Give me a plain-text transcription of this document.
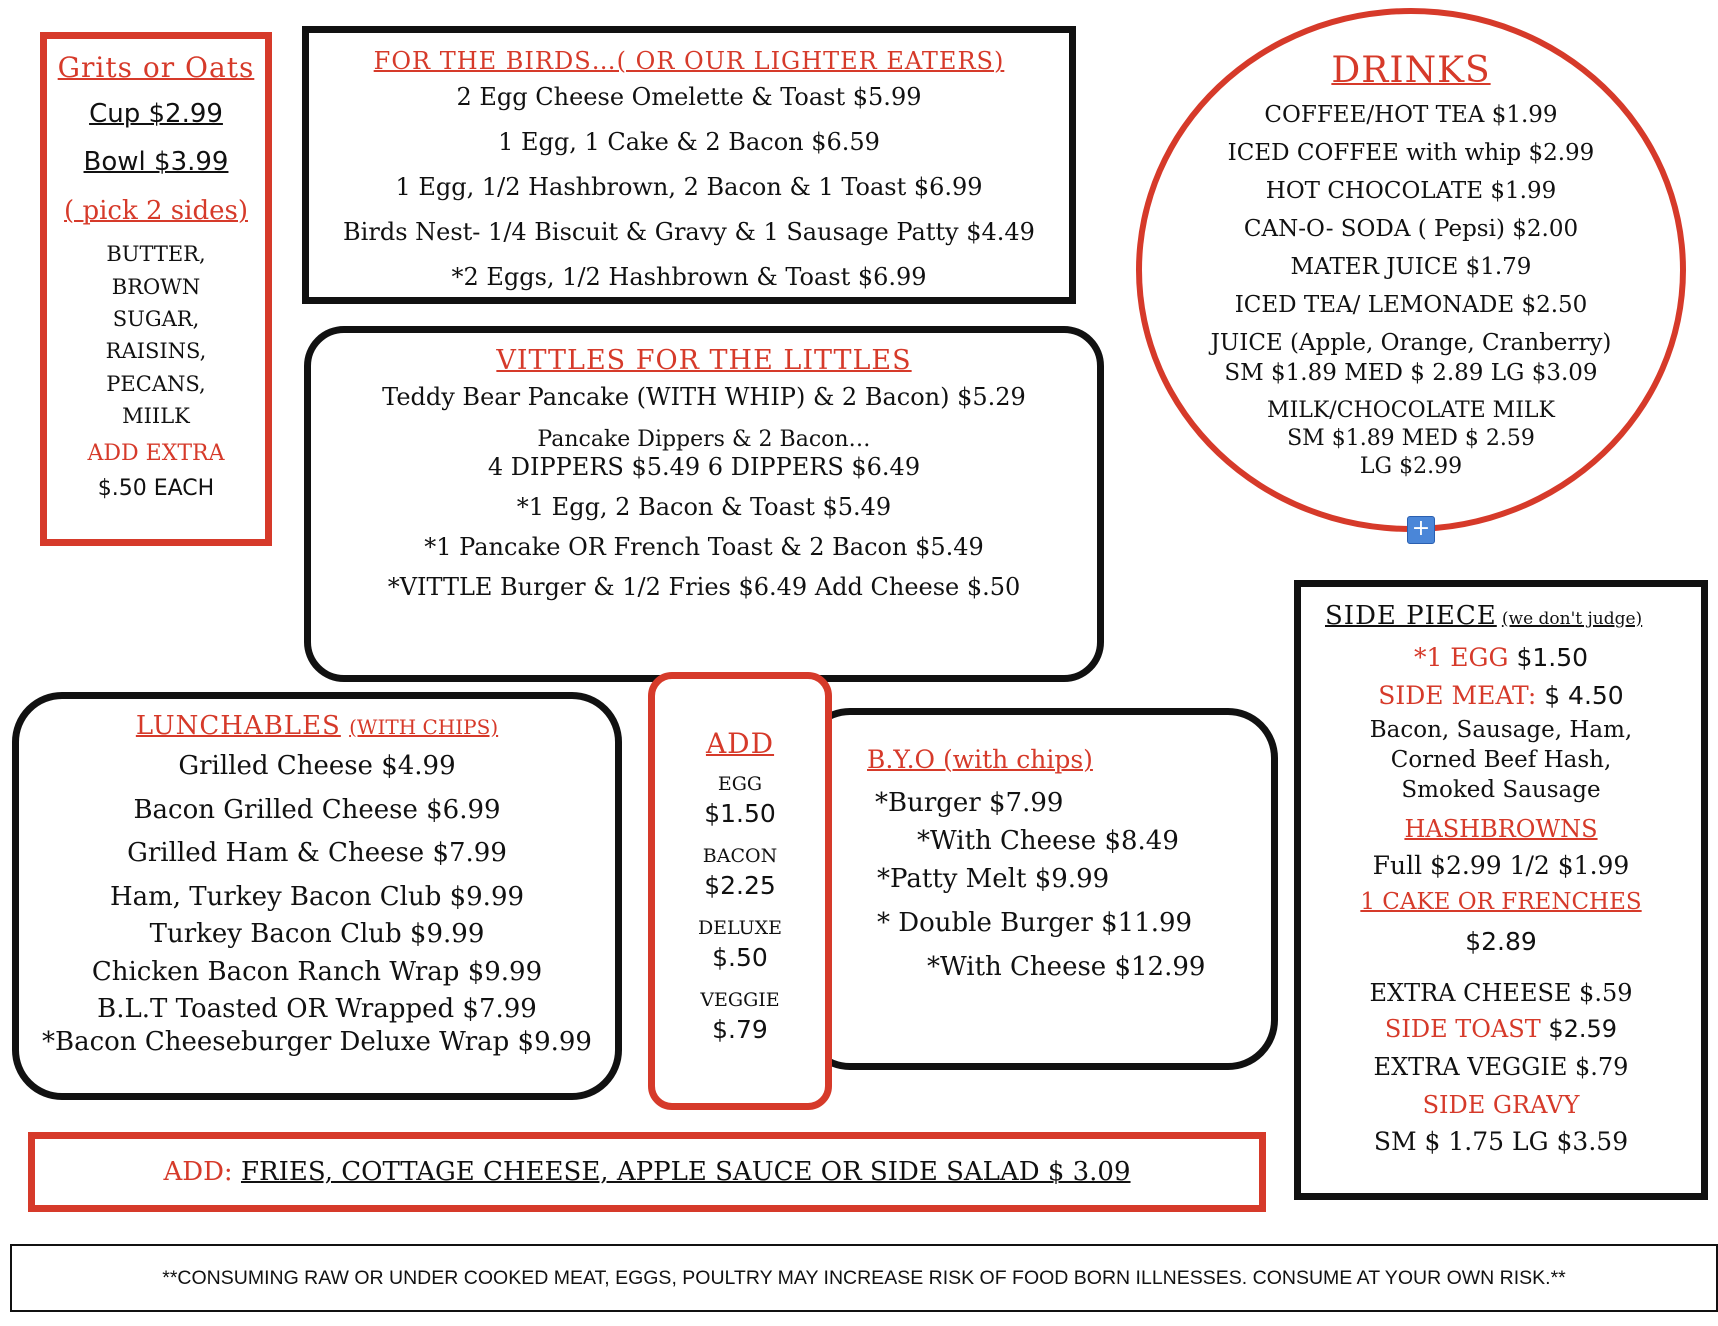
Grits or Oats
Cup $2.99
Bowl $3.99
( pick 2 sides)
BUTTER,
BROWN
SUGAR,
RAISINS,
PECANS,
MIILK
ADD EXTRA
$.50 EACH
FOR THE BIRDS…( OR OUR LIGHTER EATERS)
2 Egg Cheese Omelette & Toast $5.99
1 Egg, 1 Cake & 2 Bacon $6.59
1 Egg, 1/2 Hashbrown, 2 Bacon & 1 Toast $6.99
Birds Nest- 1/4 Biscuit & Gravy & 1 Sausage Patty $4.49
*2 Eggs, 1/2 Hashbrown & Toast $6.99
DRINKS
COFFEE/HOT TEA $1.99
ICED COFFEE with whip $2.99
HOT CHOCOLATE $1.99
CAN-O- SODA ( Pepsi) $2.00
MATER JUICE $1.79
ICED TEA/ LEMONADE $2.50
JUICE (Apple, Orange, Cranberry)
SM $1.89 MED $ 2.89 LG $3.09
MILK/CHOCOLATE MILK
SM $1.89 MED $ 2.59
LG $2.99
+
VITTLES FOR THE LITTLES
Teddy Bear Pancake (WITH WHIP) & 2 Bacon) $5.29
Pancake Dippers & 2 Bacon…
4 DIPPERS $5.49 6 DIPPERS $6.49
*1 Egg, 2 Bacon & Toast $5.49
*1 Pancake OR French Toast & 2 Bacon $5.49
*VITTLE Burger & 1/2 Fries $6.49 Add Cheese $.50
LUNCHABLES (WITH CHIPS)
Grilled Cheese $4.99
Bacon Grilled Cheese $6.99
Grilled Ham & Cheese $7.99
Ham, Turkey Bacon Club $9.99
Turkey Bacon Club $9.99
Chicken Bacon Ranch Wrap $9.99
B.L.T Toasted OR Wrapped $7.99
*Bacon Cheeseburger Deluxe Wrap $9.99
B.Y.O (with chips)
*Burger $7.99
*With Cheese $8.49
*Patty Melt $9.99
* Double Burger $11.99
*With Cheese $12.99
ADD
EGG
$1.50
BACON
$2.25
DELUXE
$.50
VEGGIE
$.79
SIDE PIECE (we don't judge)
*1 EGG $1.50
SIDE MEAT: $ 4.50
Bacon, Sausage, Ham,
Corned Beef Hash,
Smoked Sausage
HASHBROWNS
Full $2.99 1/2 $1.99
1 CAKE OR FRENCHES
$2.89
EXTRA CHEESE $.59
SIDE TOAST $2.59
EXTRA VEGGIE $.79
SIDE GRAVY
SM $ 1.75 LG $3.59
ADD: FRIES, COTTAGE CHEESE, APPLE SAUCE OR SIDE SALAD $ 3.09
**CONSUMING RAW OR UNDER COOKED MEAT, EGGS, POULTRY MAY INCREASE RISK OF FOOD BORN ILLNESSES. CONSUME AT YOUR OWN RISK.**
